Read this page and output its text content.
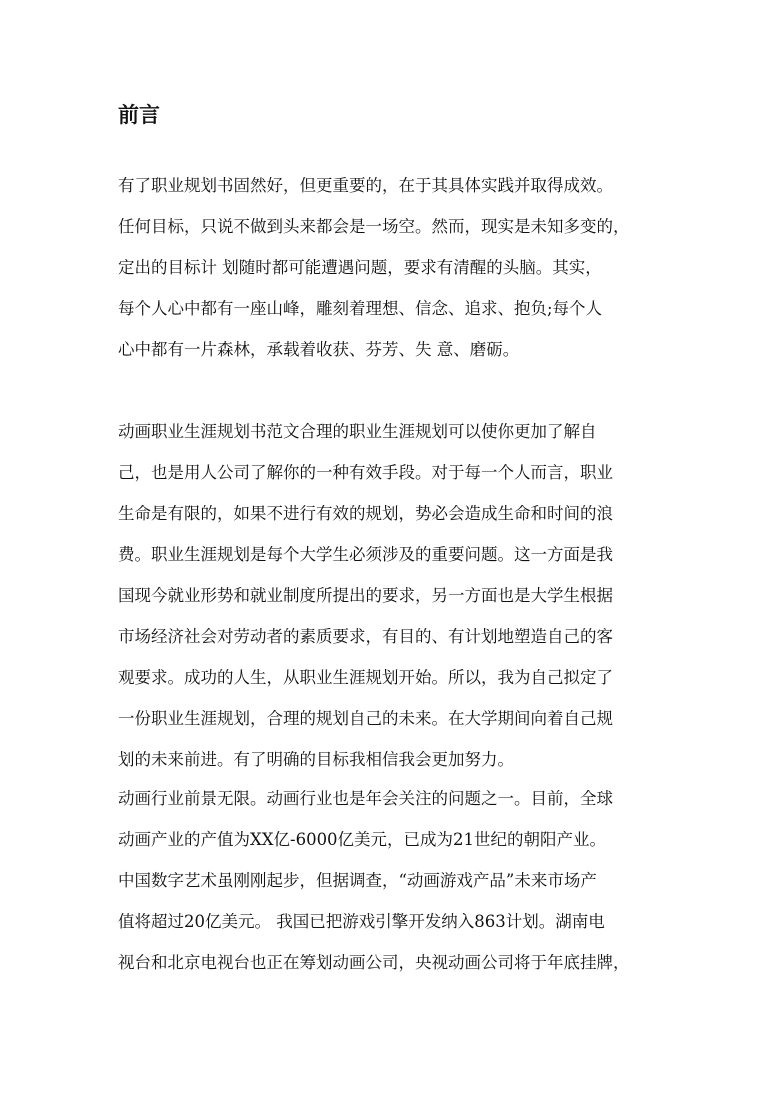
前言

有了职业规划书固然好，但更重要的，在于其具体实践并取得成效。

任何目标，只说不做到头来都会是一场空。然而，现实是未知多变的，

定出的目标计 划随时都可能遭遇问题，要求有清醒的头脑。其实，

每个人心中都有一座山峰，雕刻着理想、信念、追求、抱负;每个人

心中都有一片森林，承载着收获、芬芳、失 意、磨砺。

动画职业生涯规划书范文合理的职业生涯规划可以使你更加了解自

己，也是用人公司了解你的一种有效手段。对于每一个人而言，职业

生命是有限的，如果不进行有效的规划，势必会造成生命和时间的浪

费。职业生涯规划是每个大学生必须涉及的重要问题。这一方面是我

国现今就业形势和就业制度所提出的要求，另一方面也是大学生根据

市场经济社会对劳动者的素质要求，有目的、有计划地塑造自己的客

观要求。成功的人生，从职业生涯规划开始。所以，我为自己拟定了

一份职业生涯规划，合理的规划自己的未来。在大学期间向着自己规

划的未来前进。有了明确的目标我相信我会更加努力。

动画行业前景无限。动画行业也是年会关注的问题之一。目前，全球

动画产业的产值为XX亿-6000亿美元，已成为21世纪的朝阳产业。

中国数字艺术虽刚刚起步，但据调查，“动画游戏产品”未来市场产

值将超过20亿美元。 我国已把游戏引擎开发纳入863计划。湖南电

视台和北京电视台也正在筹划动画公司，央视动画公司将于年底挂牌，
